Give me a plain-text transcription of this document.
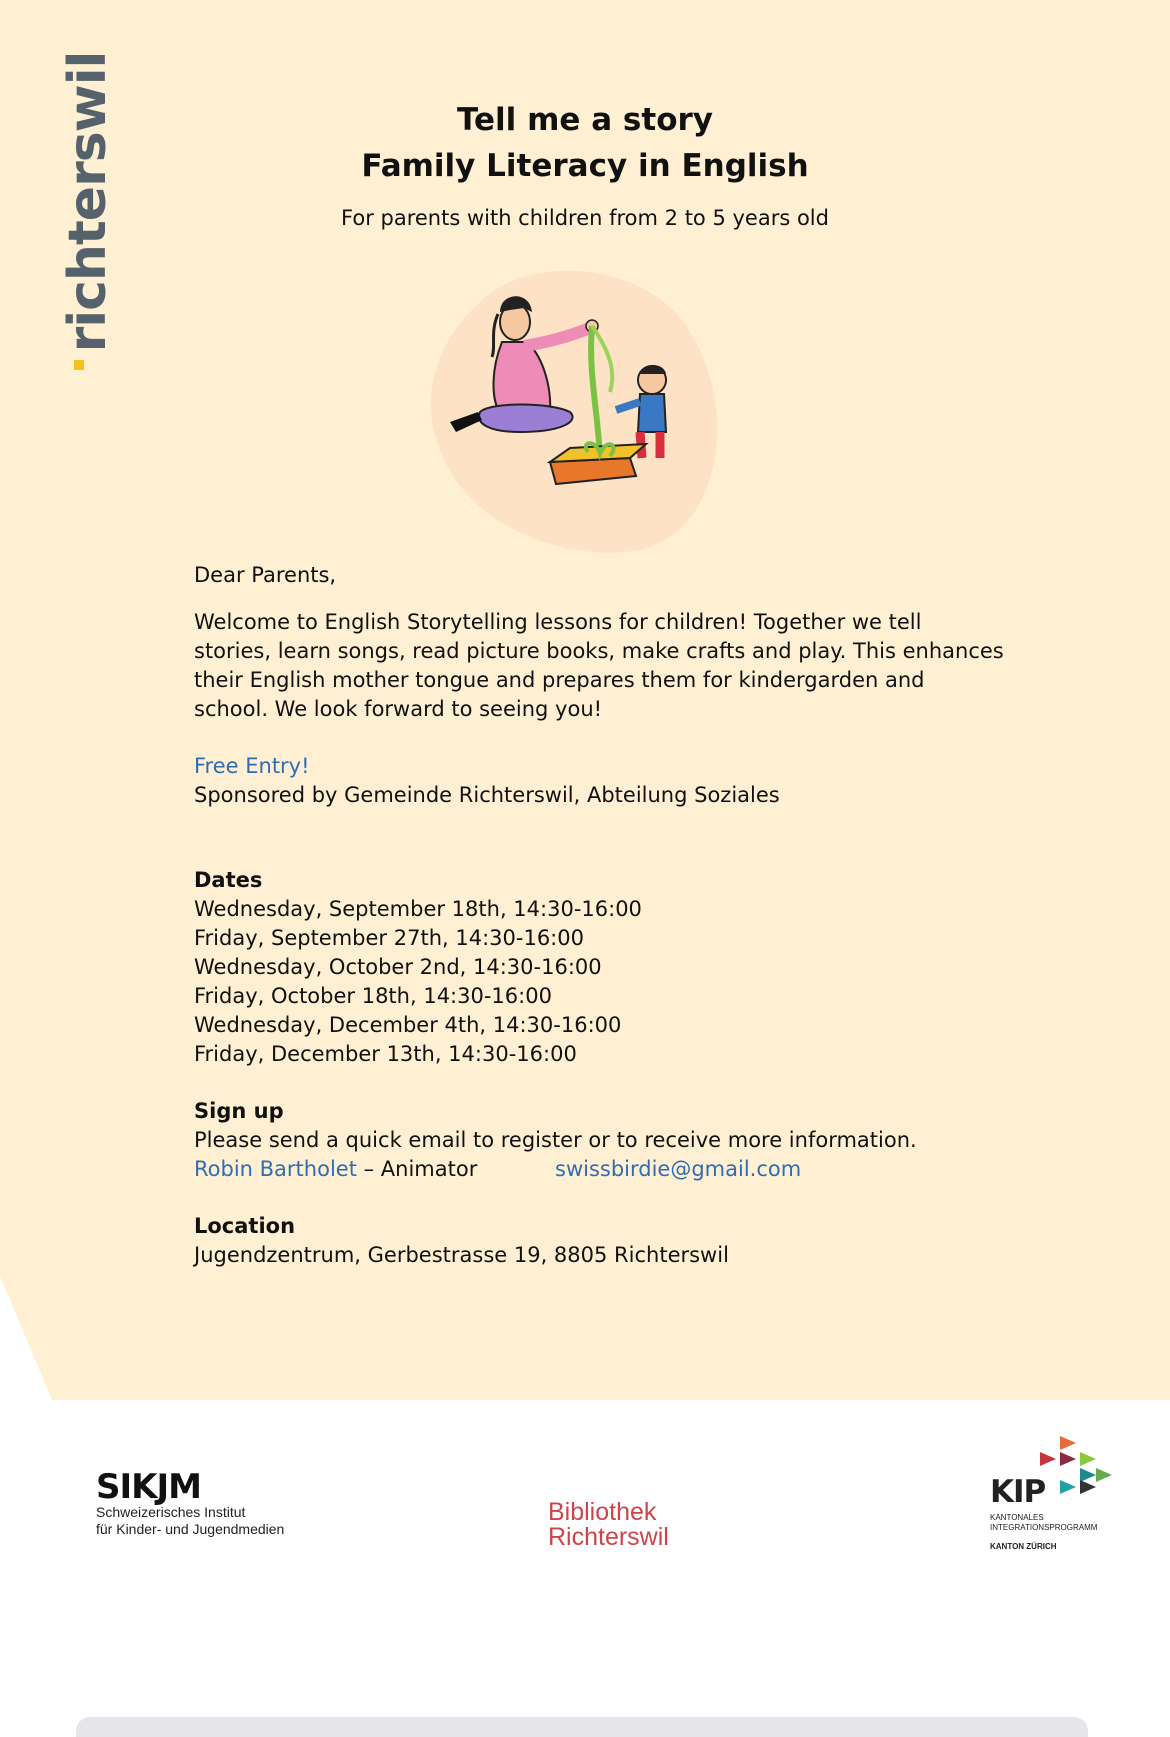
richterswil	Tell me a story
Family Literacy in English
For parents with children from 2 to 5 years old
Dear Parents,
Welcome to English Storytelling lessons for children! Together we tell stories, learn songs, read picture books, make crafts and play. This enhances their English mother tongue and prepares them for kindergarden and school. We look forward to seeing you!
Free Entry!
Sponsored by Gemeinde Richterswil, Abteilung Soziales
Dates
Wednesday, September 18th, 14:30-16:00
Friday, September 27th, 14:30-16:00
Wednesday, October 2nd, 14:30-16:00
Friday, October 18th, 14:30-16:00
Wednesday, December 4th, 14:30-16:00
Friday, December 13th, 14:30-16:00
Sign up
Please send a quick email to register or to receive more information.
Robin Bartholet – Animator	swissbirdie@gmail.com
Location
Jugendzentrum, Gerbestrasse 19, 8805 Richterswil
SIKJM
Schweizerisches Institut
für Kinder- und Jugendmedien
Bibliothek
Richterswil
KIP
KANTONALES
INTEGRATIONSPROGRAMM
KANTON ZÜRICH
